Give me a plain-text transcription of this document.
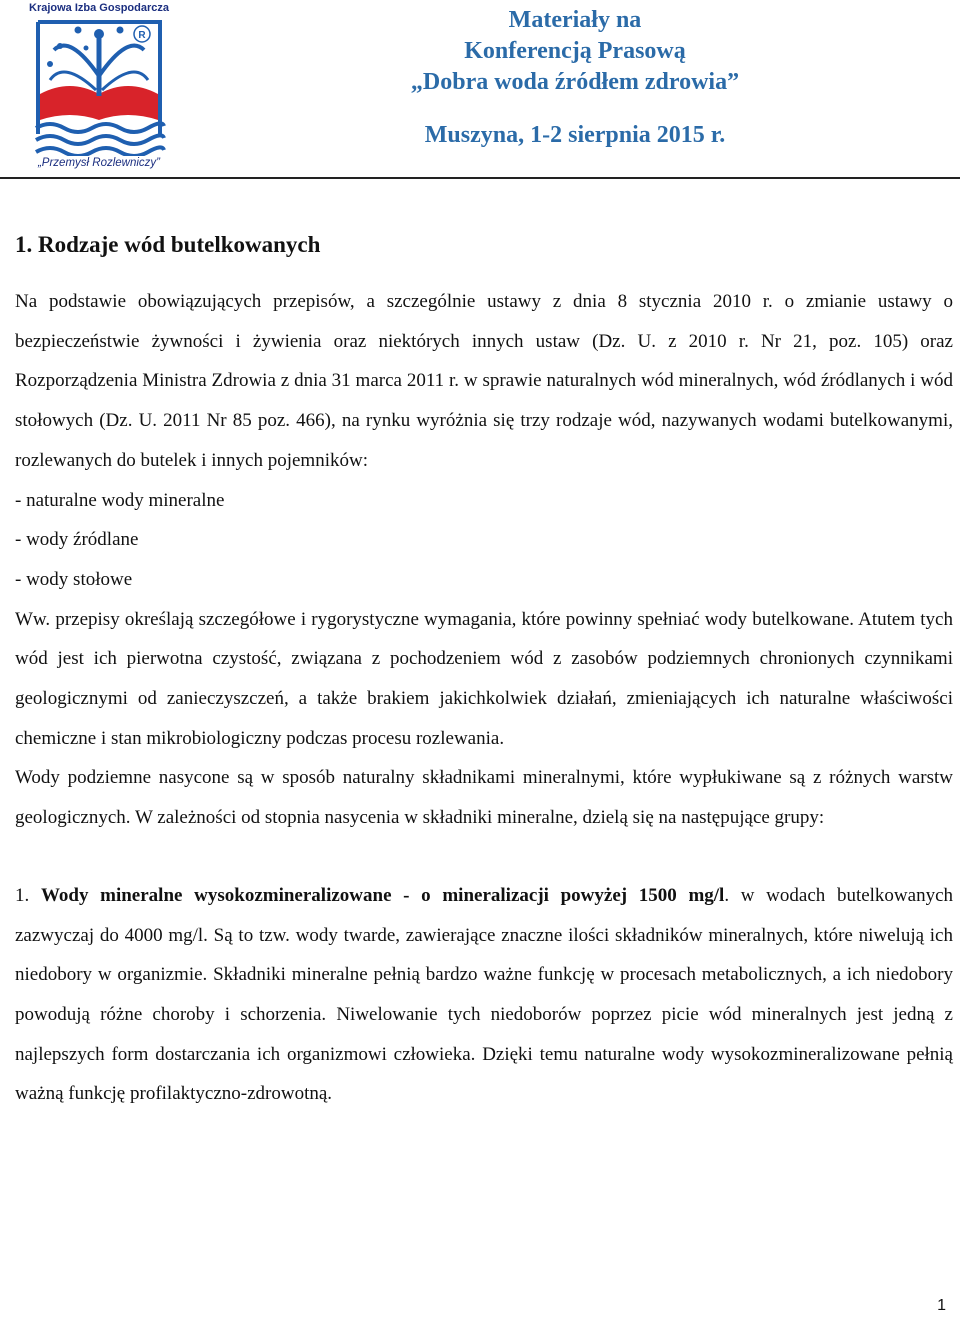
Krajowa Izba Gospodarcza
R
„Przemysł Rozlewniczy”
Materiały na
Konferencją Prasową
„Dobra woda źródłem zdrowia”
Muszyna, 1-2 sierpnia 2015 r.
1. Rodzaje wód butelkowanych

Na podstawie obowiązujących przepisów, a szczególnie ustawy z dnia 8 stycznia 2010 r. o zmianie ustawy o bezpieczeństwie żywności i żywienia oraz niektórych innych ustaw (Dz. U. z 2010 r. Nr 21, poz. 105) oraz Rozporządzenia Ministra Zdrowia z dnia 31 marca 2011 r. w sprawie naturalnych wód mineralnych, wód źródlanych i wód stołowych (Dz. U. 2011 Nr 85 poz. 466), na rynku wyróżnia się trzy rodzaje wód, nazywanych wodami butelkowanymi, rozlewanych do butelek i innych pojemników:

- naturalne wody mineralne

- wody źródlane

- wody stołowe

Ww. przepisy określają szczegółowe i rygorystyczne wymagania, które powinny spełniać wody butelkowane. Atutem tych wód jest ich pierwotna czystość, związana z pochodzeniem wód z zasobów podziemnych chronionych czynnikami geologicznymi od zanieczyszczeń, a także brakiem jakichkolwiek działań, zmieniających ich naturalne właściwości chemiczne i stan mikrobiologiczny podczas procesu rozlewania.

Wody podziemne nasycone są w sposób naturalny składnikami mineralnymi, które wypłukiwane są z różnych warstw geologicznych. W zależności od stopnia nasycenia w składniki mineralne, dzielą się na następujące grupy:

1. Wody mineralne wysokozmineralizowane - o mineralizacji powyżej 1500 mg/l. w wodach butelkowanych zazwyczaj do 4000 mg/l. Są to tzw. wody twarde, zawierające znaczne ilości składników mineralnych, które niwelują ich niedobory w organizmie. Składniki mineralne pełnią bardzo ważne funkcję w procesach metabolicznych, a ich niedobory powodują różne choroby i schorzenia. Niwelowanie tych niedoborów poprzez picie wód mineralnych jest jedną z najlepszych form dostarczania ich organizmowi człowieka. Dzięki temu naturalne wody wysokozmineralizowane pełnią ważną funkcję profilaktyczno-zdrowotną.

1
